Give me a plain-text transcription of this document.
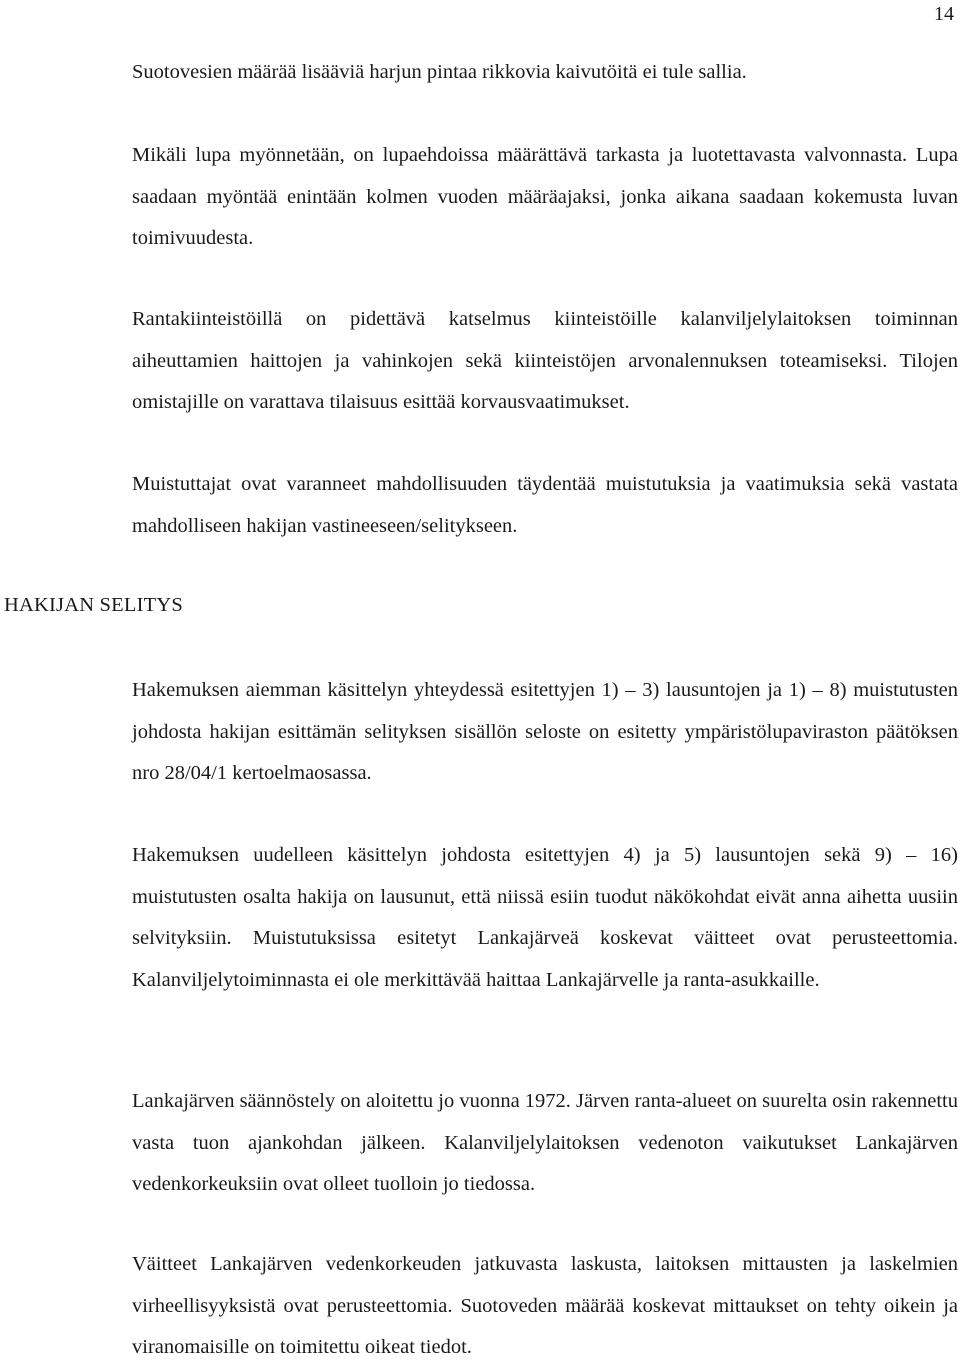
14

Suotovesien määrää lisääviä harjun pintaa rikkovia kaivutöitä ei tule sallia.

Mikäli lupa myönnetään, on lupaehdoissa määrättävä tarkasta ja luotettavasta valvonnasta. Lupa saadaan myöntää enintään kolmen vuoden määräajaksi, jonka aikana saadaan kokemusta luvan toimivuudesta.

Rantakiinteistöillä on pidettävä katselmus kiinteistöille kalanviljelylaitoksen toiminnan aiheuttamien haittojen ja vahinkojen sekä kiinteistöjen arvonalennuksen toteamiseksi. Tilojen omistajille on varattava tilaisuus esittää korvausvaatimukset.

Muistuttajat ovat varanneet mahdollisuuden täydentää muistutuksia ja vaatimuksia sekä vastata mahdolliseen hakijan vastineeseen/selitykseen.

HAKIJAN SELITYS

Hakemuksen aiemman käsittelyn yhteydessä esitettyjen 1) – 3) lausuntojen ja 1) – 8) muistutusten johdosta hakijan esittämän selityksen sisällön seloste on esitetty ympäristölupaviraston päätöksen nro 28/04/1 kertoelmaosassa.

Hakemuksen uudelleen käsittelyn johdosta esitettyjen 4) ja 5) lausuntojen sekä 9) – 16) muistutusten osalta hakija on lausunut, että niissä esiin tuodut näkökohdat eivät anna aihetta uusiin selvityksiin. Muistutuksissa esitetyt Lankajärveä koskevat väitteet ovat perusteettomia. Kalanviljelytoiminnasta ei ole merkittävää haittaa Lankajärvelle ja ranta-asukkaille.

Lankajärven säännöstely on aloitettu jo vuonna 1972. Järven ranta-alueet on suurelta osin rakennettu vasta tuon ajankohdan jälkeen. Kalanviljelylaitoksen vedenoton vaikutukset Lankajärven vedenkorkeuksiin ovat olleet tuolloin jo tiedossa.

Väitteet Lankajärven vedenkorkeuden jatkuvasta laskusta, laitoksen mittausten ja laskelmien virheellisyyksistä ovat perusteettomia. Suotoveden määrää koskevat mittaukset on tehty oikein ja viranomaisille on toimitettu oikeat tiedot.
